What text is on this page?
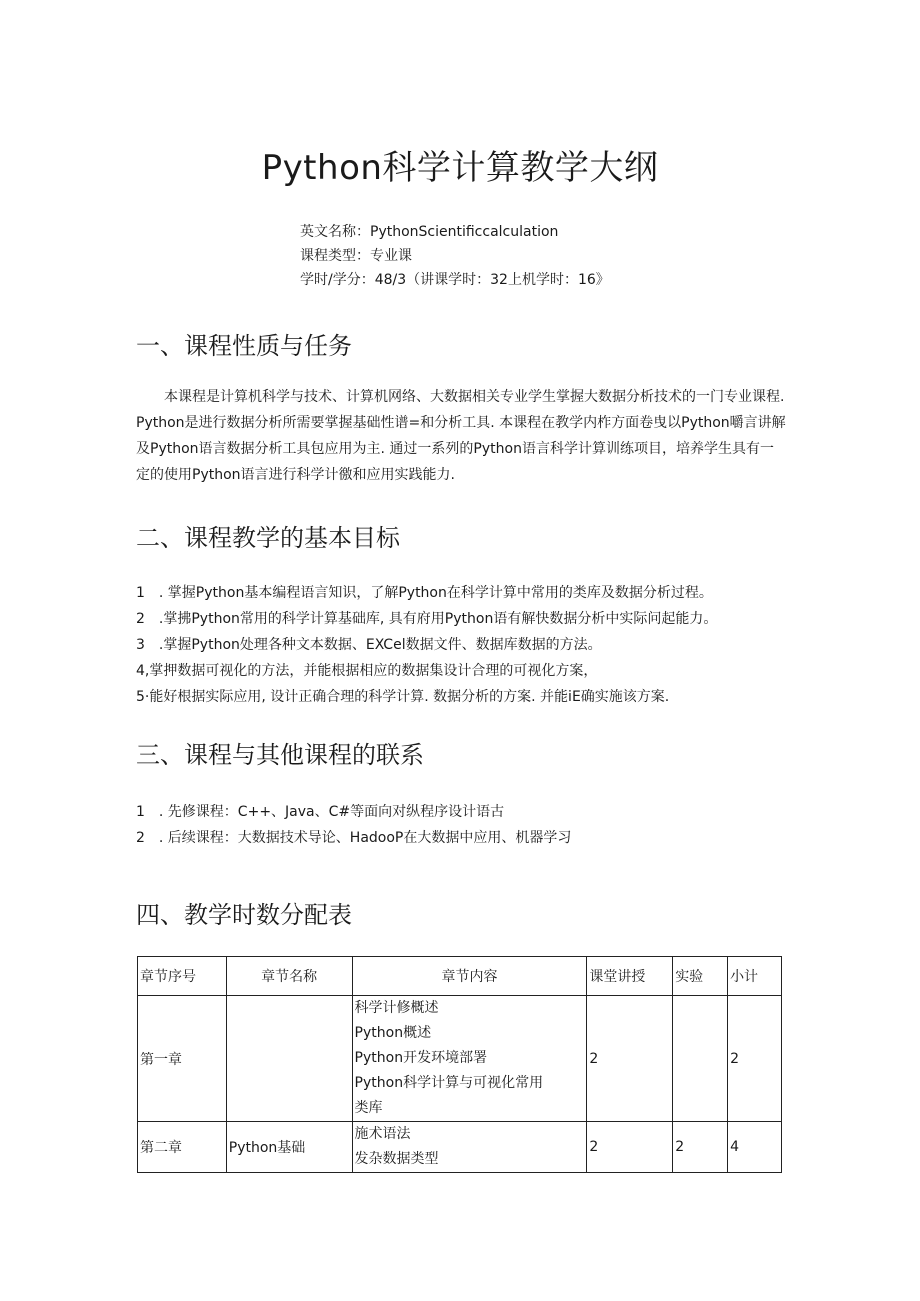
Python科学计算教学大纲
英文名称：PythonScientificcalculation
课程类型：专业课
学时/学分：48/3（讲课学时：32上机学时：16》
一、课程性质与任务

本课程是计算机科学与技术、计算机网络、大数据相关专业学生掌握大数据分析技术的一门专业课程. Python是进行数据分析所需要掌握基础性谱=和分析工具. 本课程在教学内柞方面卷曳以Python嚼言讲解及Python语言数据分析工具包应用为主. 通过一系列的Python语言科学计算训练项目，培养学生具有一定的使用Python语言进行科学计徼和应用实践能力.

二、课程教学的基本目标
1　. 掌握Python基本编程语言知识，了解Python在科学计算中常用的类库及数据分析过程。
2　.掌拂Python常用的科学计算基础库, 具有府用Python语有解快数据分析中实际问起能力。
3　.掌握Python处理各种文本数据、EXCel数据文件、数据库数据的方法。
4,掌押数据可视化的方法，并能根据相应的数据集设计合理的可视化方案，
5·能好根据实际应用, 设计正确合理的科学计算. 数据分析的方案. 并能iE确实施该方案.
三、课程与其他课程的联系
1　. 先修课程：C++、Java、C#等面向对纵程序设计语古
2　. 后续课程：大数据技术导论、HadooP在大数据中应用、机器学习
四、教学时数分配表
章节序号	章节名称	章节内容	课堂讲授	实验	小计
第一章		科学计修概述
Python概述
Python开发环境部署
Python科学计算与可视化常用
类库	2		2
第二章	Python基础	施术语法
发杂数据类型	2	2	4
